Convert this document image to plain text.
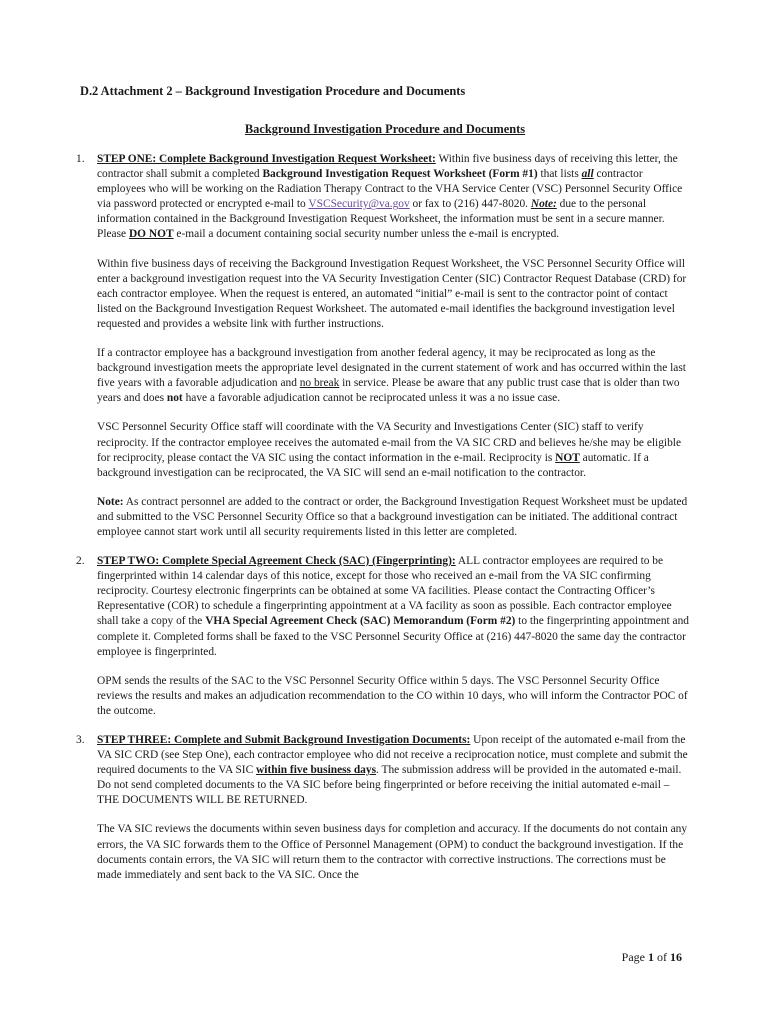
D.2 Attachment 2 – Background Investigation Procedure and Documents
Background Investigation Procedure and Documents
1. STEP ONE: Complete Background Investigation Request Worksheet: Within five business days of receiving this letter, the contractor shall submit a completed Background Investigation Request Worksheet (Form #1) that lists all contractor employees who will be working on the Radiation Therapy Contract to the VHA Service Center (VSC) Personnel Security Office via password protected or encrypted e-mail to VSCSecurity@va.gov or fax to (216) 447-8020. Note: due to the personal information contained in the Background Investigation Request Worksheet, the information must be sent in a secure manner. Please DO NOT e-mail a document containing social security number unless the e-mail is encrypted.
Within five business days of receiving the Background Investigation Request Worksheet, the VSC Personnel Security Office will enter a background investigation request into the VA Security Investigation Center (SIC) Contractor Request Database (CRD) for each contractor employee. When the request is entered, an automated “initial” e-mail is sent to the contractor point of contact listed on the Background Investigation Request Worksheet. The automated e-mail identifies the background investigation level requested and provides a website link with further instructions.
If a contractor employee has a background investigation from another federal agency, it may be reciprocated as long as the background investigation meets the appropriate level designated in the current statement of work and has occurred within the last five years with a favorable adjudication and no break in service. Please be aware that any public trust case that is older than two years and does not have a favorable adjudication cannot be reciprocated unless it was a no issue case.
VSC Personnel Security Office staff will coordinate with the VA Security and Investigations Center (SIC) staff to verify reciprocity. If the contractor employee receives the automated e-mail from the VA SIC CRD and believes he/she may be eligible for reciprocity, please contact the VA SIC using the contact information in the e-mail. Reciprocity is NOT automatic. If a background investigation can be reciprocated, the VA SIC will send an e-mail notification to the contractor.
Note: As contract personnel are added to the contract or order, the Background Investigation Request Worksheet must be updated and submitted to the VSC Personnel Security Office so that a background investigation can be initiated. The additional contract employee cannot start work until all security requirements listed in this letter are completed.
2. STEP TWO: Complete Special Agreement Check (SAC) (Fingerprinting): ALL contractor employees are required to be fingerprinted within 14 calendar days of this notice, except for those who received an e-mail from the VA SIC confirming reciprocity. Courtesy electronic fingerprints can be obtained at some VA facilities. Please contact the Contracting Officer’s Representative (COR) to schedule a fingerprinting appointment at a VA facility as soon as possible. Each contractor employee shall take a copy of the VHA Special Agreement Check (SAC) Memorandum (Form #2) to the fingerprinting appointment and complete it. Completed forms shall be faxed to the VSC Personnel Security Office at (216) 447-8020 the same day the contractor employee is fingerprinted.
OPM sends the results of the SAC to the VSC Personnel Security Office within 5 days. The VSC Personnel Security Office reviews the results and makes an adjudication recommendation to the CO within 10 days, who will inform the Contractor POC of the outcome.
3. STEP THREE: Complete and Submit Background Investigation Documents: Upon receipt of the automated e-mail from the VA SIC CRD (see Step One), each contractor employee who did not receive a reciprocation notice, must complete and submit the required documents to the VA SIC within five business days. The submission address will be provided in the automated e-mail. Do not send completed documents to the VA SIC before being fingerprinted or before receiving the initial automated e-mail – THE DOCUMENTS WILL BE RETURNED.
The VA SIC reviews the documents within seven business days for completion and accuracy. If the documents do not contain any errors, the VA SIC forwards them to the Office of Personnel Management (OPM) to conduct the background investigation. If the documents contain errors, the VA SIC will return them to the contractor with corrective instructions. The corrections must be made immediately and sent back to the VA SIC. Once the
Page 1 of 16
